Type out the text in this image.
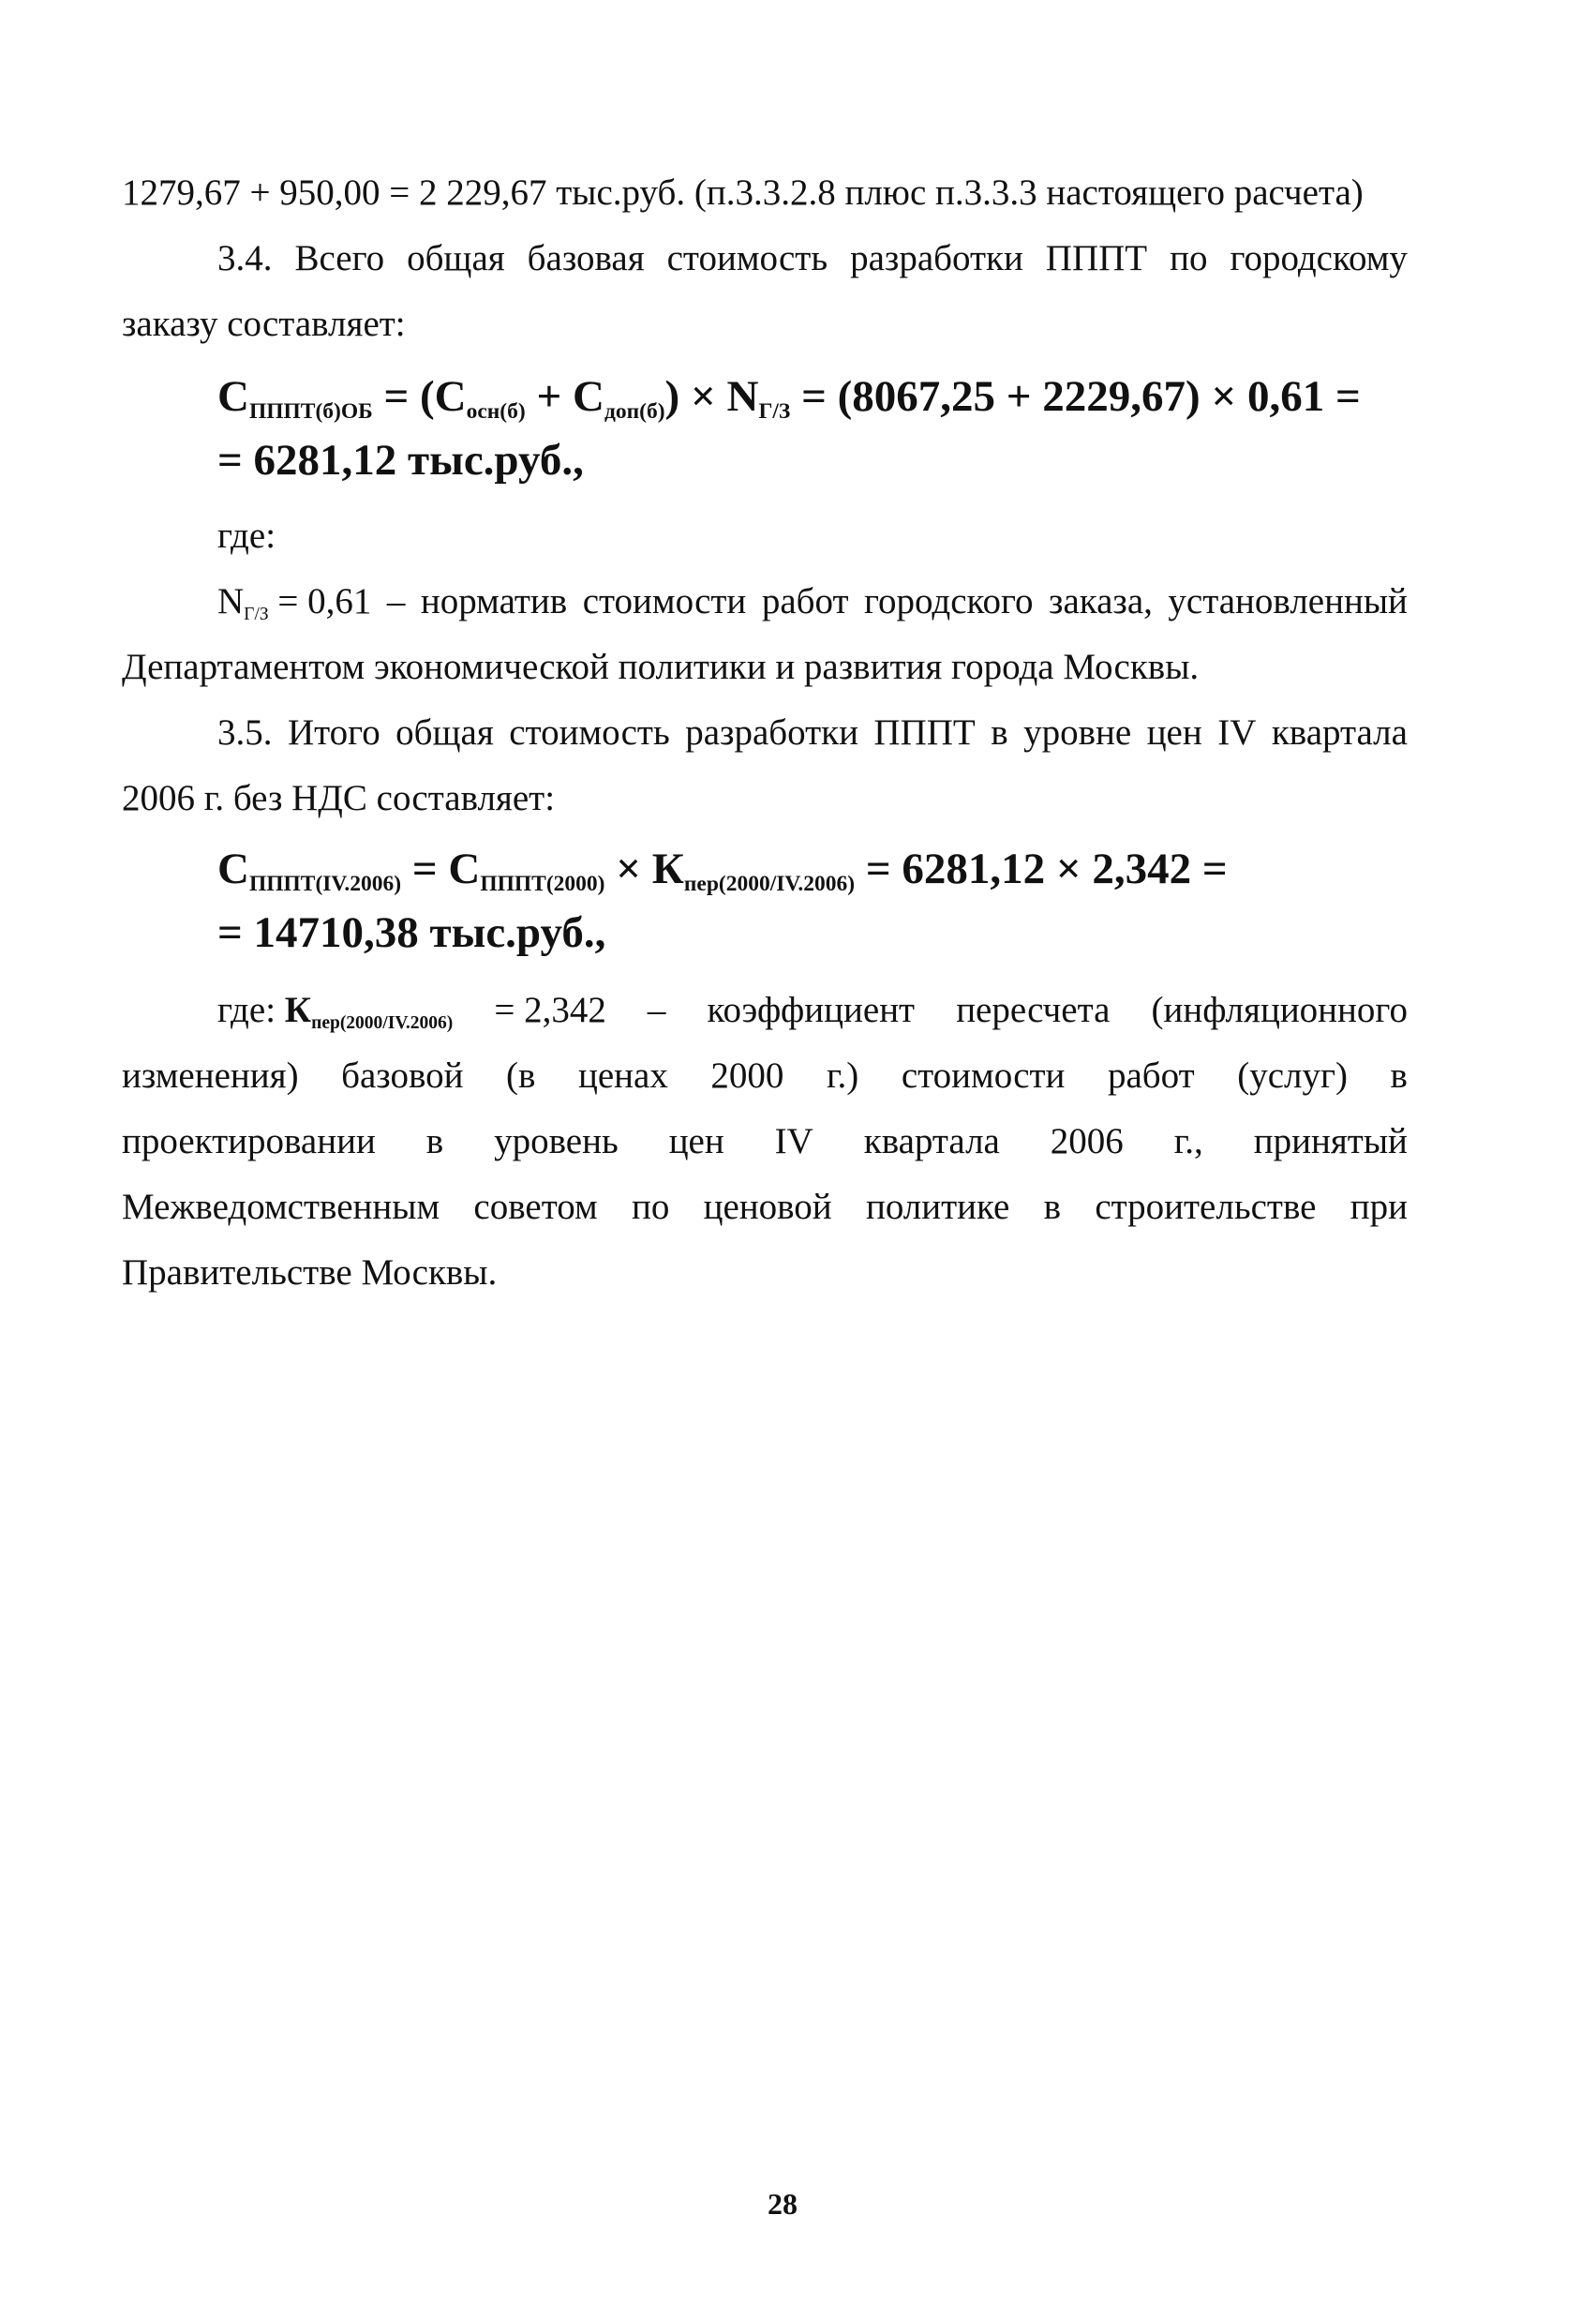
1279,67 + 950,00 = 2 229,67 тыс.руб. (п.3.3.2.8 плюс п.3.3.3 настоящего расчета)
3.4. Всего общая базовая стоимость разработки ПППТ по городскому
заказу составляет:
$С_{ПППТ(б)ОБ} = (С_{осн(б)} + С_{доп(б)}) \times N_{Г/З} = (8067,25 + 2229,67) \times 0,61$ =
= 6281,12 тыс.руб.,
где:
$N_{Г/З} = 0,61$ – норматив стоимости работ городского заказа, установленный
Департаментом экономической политики и развития города Москвы.
3.5. Итого общая стоимость разработки ПППТ в уровне цен IV квартала
2006 г. без НДС составляет:
$С_{ПППТ(IV.2006)} = С_{ПППТ(2000)} \times К_{пер(2000/IV.2006)} = 6281,12 \times 2,342$ =
= 14710,38 тыс.руб.,
где: $К_{пер(2000/IV.2006)} = 2,342$ – коэффициент пересчета (инфляционного
изменения) базовой (в ценах 2000 г.) стоимости работ (услуг) в
проектировании в уровень цен IV квартала 2006 г., принятый
Межведомственным советом по ценовой политике в строительстве при
Правительстве Москвы.
28
